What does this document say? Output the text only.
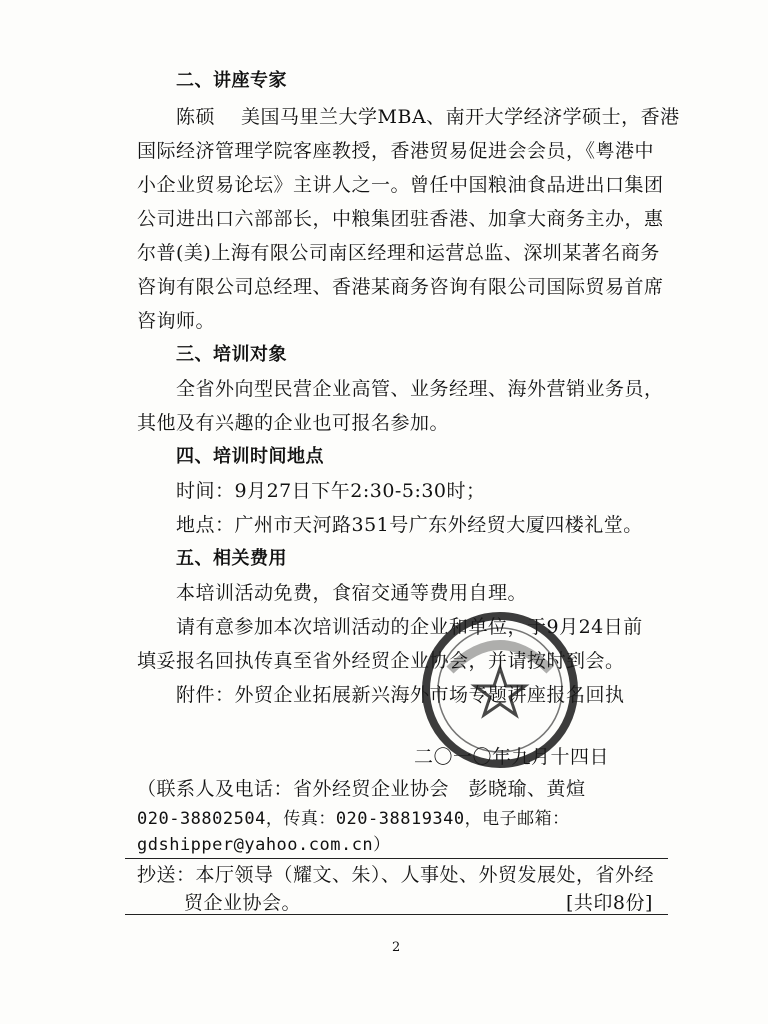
二、讲座专家
陈硕　 美国马里兰大学MBA、南开大学经济学硕士，香港
国际经济管理学院客座教授，香港贸易促进会会员，《粤港中
小企业贸易论坛》主讲人之一。曾任中国粮油食品进出口集团
公司进出口六部部长，中粮集团驻香港、加拿大商务主办，惠
尔普(美)上海有限公司南区经理和运营总监、深圳某著名商务
咨询有限公司总经理、香港某商务咨询有限公司国际贸易首席
咨询师。
三、培训对象
全省外向型民营企业高管、业务经理、海外营销业务员，
其他及有兴趣的企业也可报名参加。
四、培训时间地点
时间：9月27日下午2:30-5:30时；
地点：广州市天河路351号广东外经贸大厦四楼礼堂。
五、相关费用
本培训活动免费，食宿交通等费用自理。
请有意参加本次培训活动的企业和单位，于9月24日前
填妥报名回执传真至省外经贸企业协会，并请按时到会。
附件：外贸企业拓展新兴海外市场专题讲座报名回执
二〇一〇年九月十四日
（联系人及电话：省外经贸企业协会　彭晓瑜、黄煊
020-38802504，传真：020-38819340，电子邮箱：
gdshipper@yahoo.com.cn）
抄送：本厅领导（耀文、朱）、人事处、外贸发展处，省外经
贸企业协会。	[共印8份]
2
